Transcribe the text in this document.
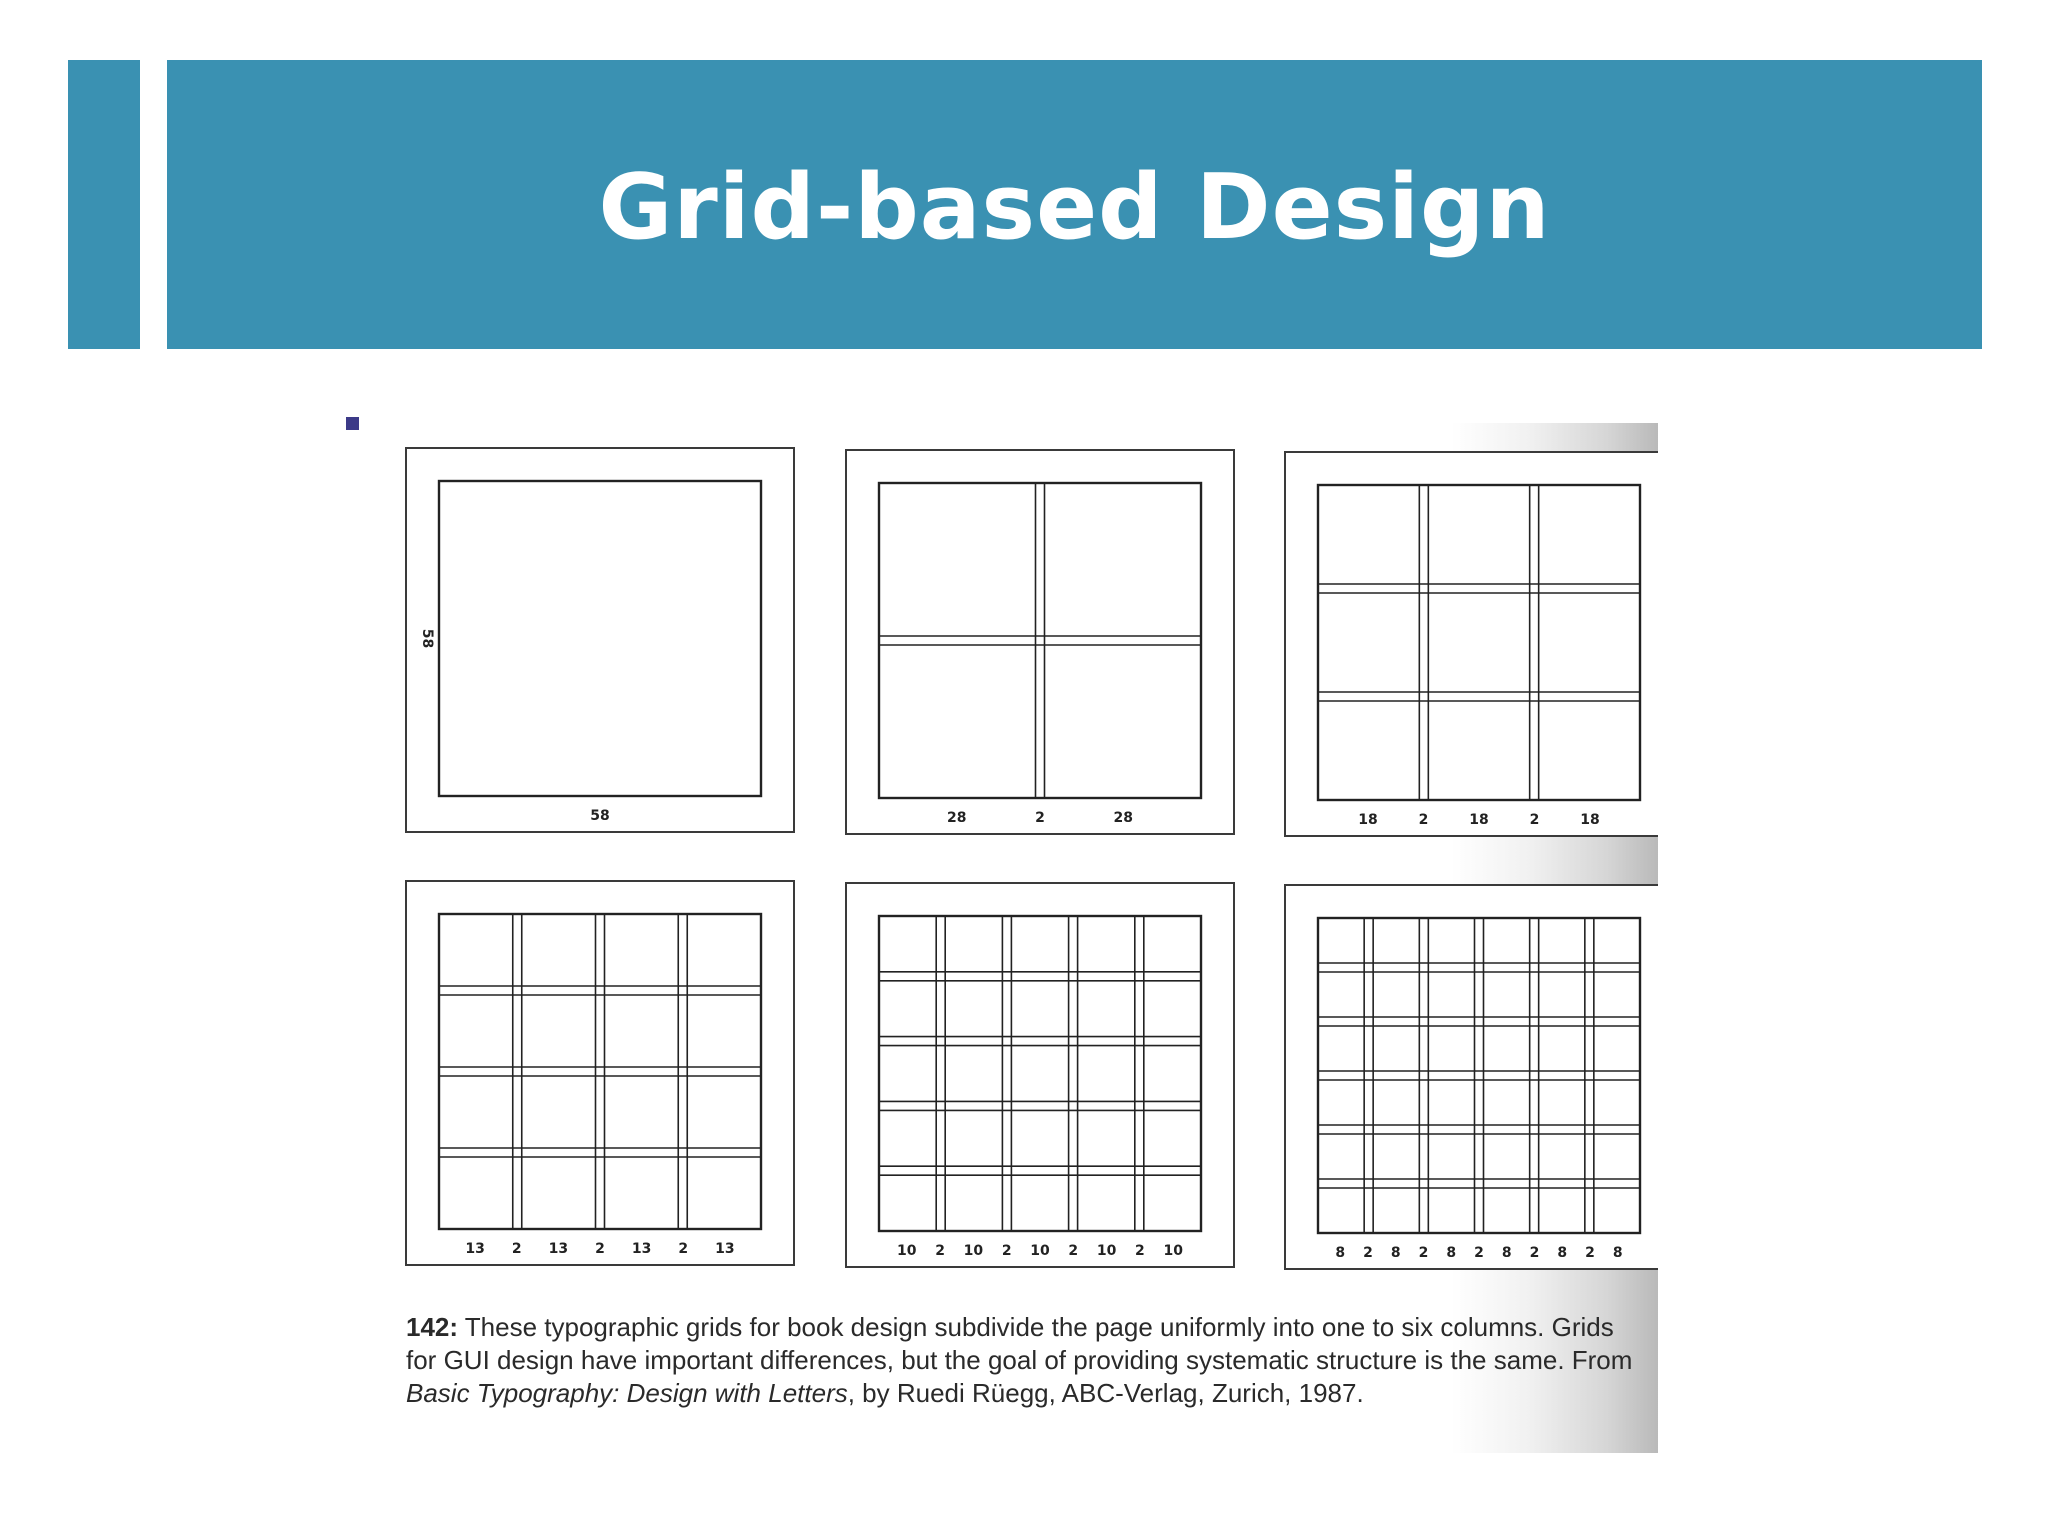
Grid-based Design
58
58
28	2	28	18	2	18	2	18
13 2 13 2 13 2 13	10 2 10 2 10 2 10 2 10	8 2 8 2 8 2 8 2 8 2 8

142: These typographic grids for book design subdivide the page uniformly into one to six columns. Grids for GUI design have important differences, but the goal of providing systematic structure is the same. From Basic Typography: Design with Letters, by Ruedi Rüegg, ABC-Verlag, Zurich, 1987.
